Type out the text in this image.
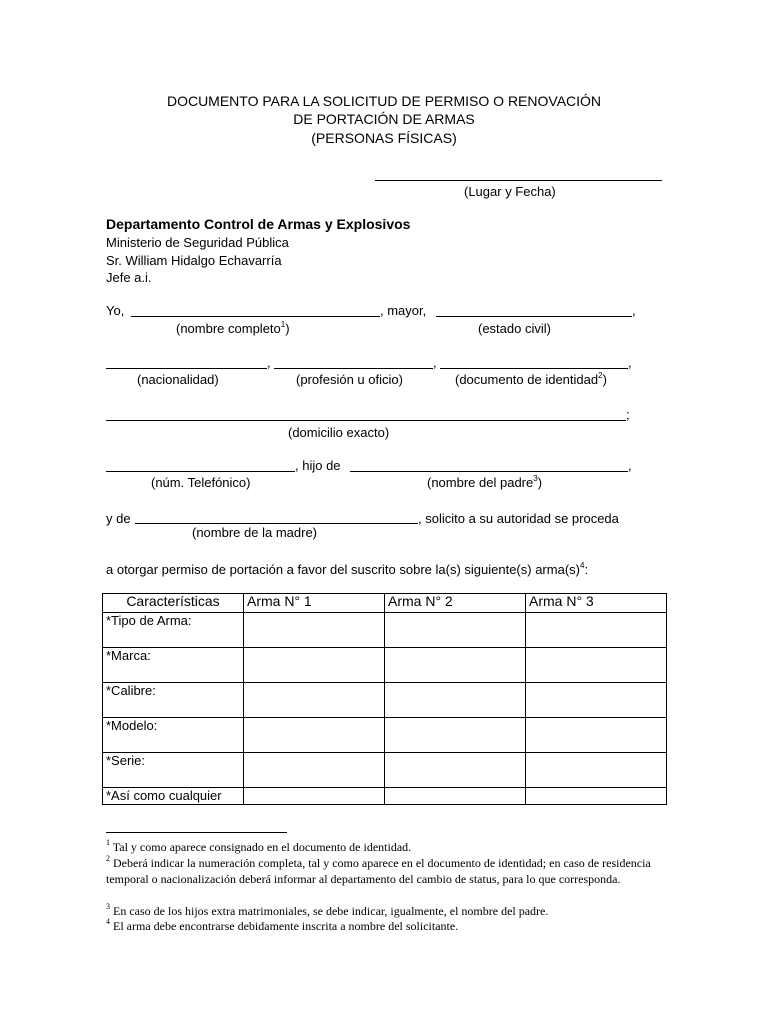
DOCUMENTO PARA LA SOLICITUD DE PERMISO O RENOVACIÓN
DE PORTACIÓN DE ARMAS
(PERSONAS FÍSICAS)
(Lugar y Fecha)
Departamento Control de Armas y Explosivos
Ministerio de Seguridad Pública
Sr. William Hidalgo Echavarría
Jefe a.i.
Yo,	, mayor,	,
(nombre completo$^1$)	(estado civil)
,	,	,
(nacionalidad)	(profesión u oficio)	(documento de identidad$^2$)
;
(domicilio exacto)
, hijo de	,
(núm. Telefónico)	(nombre del padre$^3$)
y de	, solicito a su autoridad se proceda
(nombre de la madre)
a otorgar permiso de portación a favor del suscrito sobre la(s) siguiente(s) $arma(s)^4$:
Características	Arma N° 1	Arma N° 2	Arma N° 3
*Tipo de Arma:			
*Marca:			
*Calibre:			
*Modelo:			
*Serie:			
*Así como cualquier			
$^1$ Tal y como aparece consignado en el documento de identidad.
$^2$ Deberá indicar la numeración completa, tal y como aparece en el documento de identidad; en caso de residencia temporal o nacionalización deberá informar al departamento del cambio de status, para lo que corresponda.
$^3$ En caso de los hijos extra matrimoniales, se debe indicar, igualmente, el nombre del padre.
$^4$ El arma debe encontrarse debidamente inscrita a nombre del solicitante.
